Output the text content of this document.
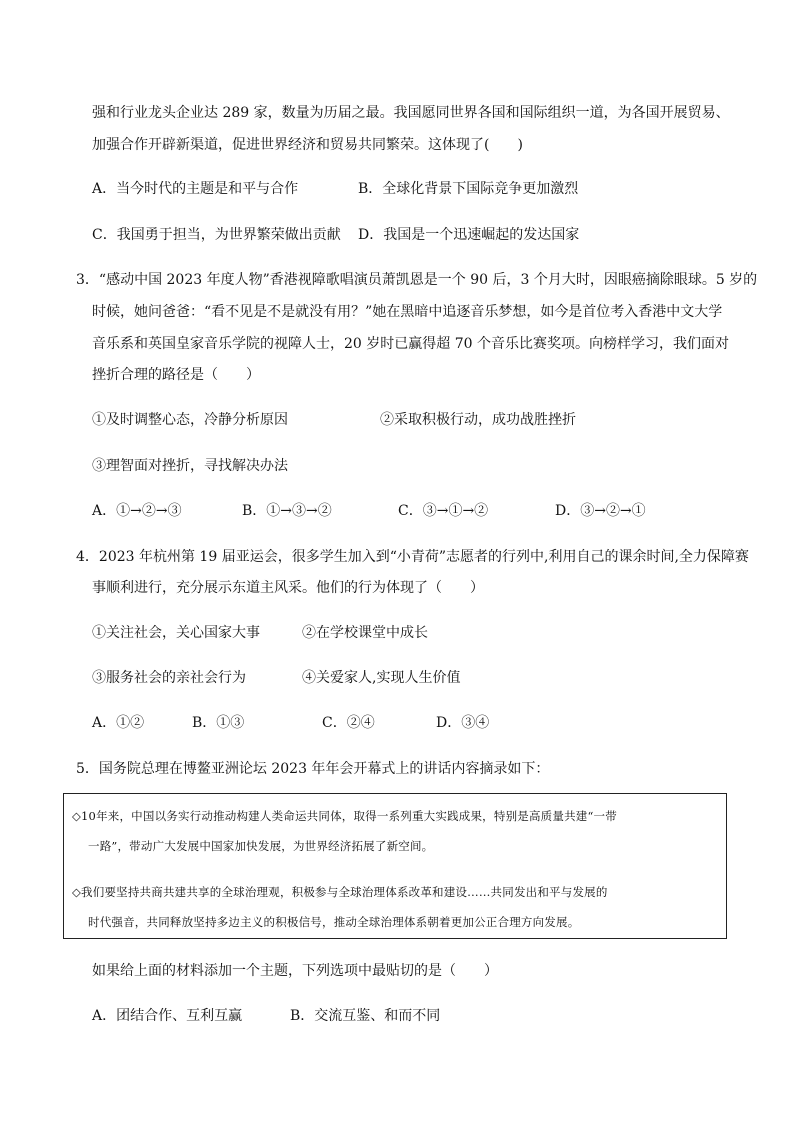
强和行业龙头企业达 289 家，数量为历届之最。我国愿同世界各国和国际组织一道，为各国开展贸易、
加强合作开辟新渠道，促进世界经济和贸易共同繁荣。这体现了(　　)
A．当今时代的主题是和平与合作	B．全球化背景下国际竞争更加激烈
C．我国勇于担当，为世界繁荣做出贡献 D．我国是一个迅速崛起的发达国家
3．“感动中国 2023 年度人物”香港视障歌唱演员萧凯恩是一个 90 后，3 个月大时，因眼癌摘除眼球。5 岁的
时候，她问爸爸：“看不见是不是就没有用？”她在黑暗中追逐音乐梦想，如今是首位考入香港中文大学
音乐系和英国皇家音乐学院的视障人士，20 岁时已赢得超 70 个音乐比赛奖项。向榜样学习，我们面对
挫折合理的路径是（　　）
①及时调整心态，冷静分析原因	②采取积极行动，成功战胜挫折
③理智面对挫折，寻找解决办法
A．①→②→③	B．①→③→②	C．③→①→②	D．③→②→①
4．2023 年杭州第 19 届亚运会，很多学生加入到“小青荷”志愿者的行列中,利用自己的课余时间,全力保障赛
事顺利进行，充分展示东道主风采。他们的行为体现了（　　）
①关注社会，关心国家大事	②在学校课堂中成长
③服务社会的亲社会行为	④关爱家人,实现人生价值
A．①②	B．①③	C．②④	D．③④
5．国务院总理在博鳌亚洲论坛 2023 年年会开幕式上的讲话内容摘录如下：
◇10年来，中国以务实行动推动构建人类命运共同体，取得一系列重大实践成果，特别是高质量共建“一带
一路”，带动广大发展中国家加快发展，为世界经济拓展了新空间。
◇我们要坚持共商共建共享的全球治理观，积极参与全球治理体系改革和建设……共同发出和平与发展的
时代强音，共同释放坚持多边主义的积极信号，推动全球治理体系朝着更加公正合理方向发展。
如果给上面的材料添加一个主题，下列选项中最贴切的是（　　）
A．团结合作、互利互赢	B．交流互鉴、和而不同
